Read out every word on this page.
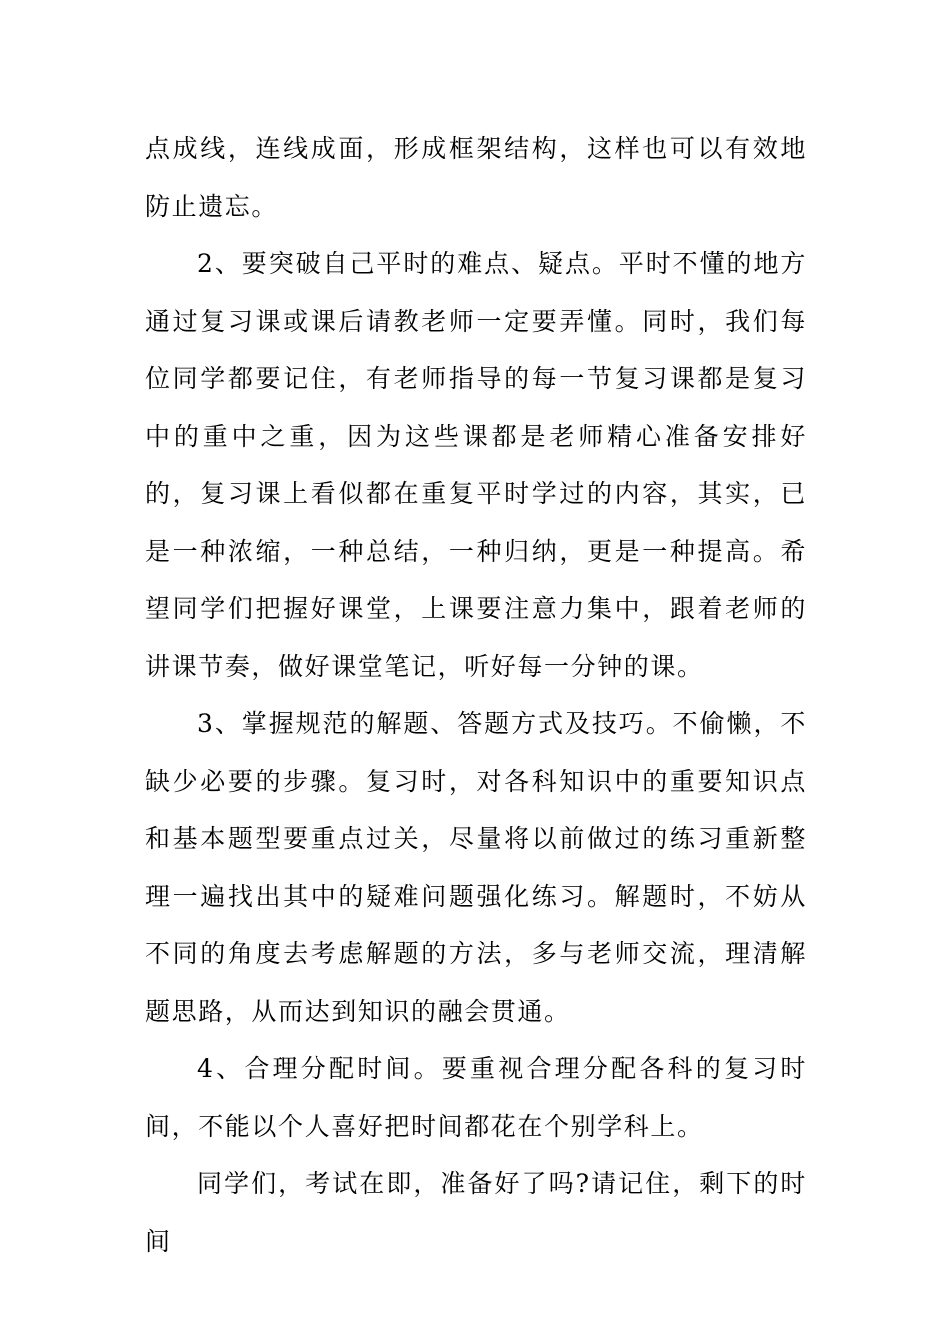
点成线，连线成面，形成框架结构，这样也可以有效地防止遗忘。

2、要突破自己平时的难点、疑点。平时不懂的地方通过复习课或课后请教老师一定要弄懂。同时，我们每位同学都要记住，有老师指导的每一节复习课都是复习中的重中之重，因为这些课都是老师精心准备安排好的，复习课上看似都在重复平时学过的内容，其实，已是一种浓缩，一种总结，一种归纳，更是一种提高。希望同学们把握好课堂，上课要注意力集中，跟着老师的讲课节奏，做好课堂笔记，听好每一分钟的课。

3、掌握规范的解题、答题方式及技巧。不偷懒，不缺少必要的步骤。复习时，对各科知识中的重要知识点和基本题型要重点过关，尽量将以前做过的练习重新整理一遍找出其中的疑难问题强化练习。解题时，不妨从不同的角度去考虑解题的方法，多与老师交流，理清解题思路，从而达到知识的融会贯通。

4、合理分配时间。要重视合理分配各科的复习时间，不能以个人喜好把时间都花在个别学科上。

同学们，考试在即，准备好了吗?请记住，剩下的时间
